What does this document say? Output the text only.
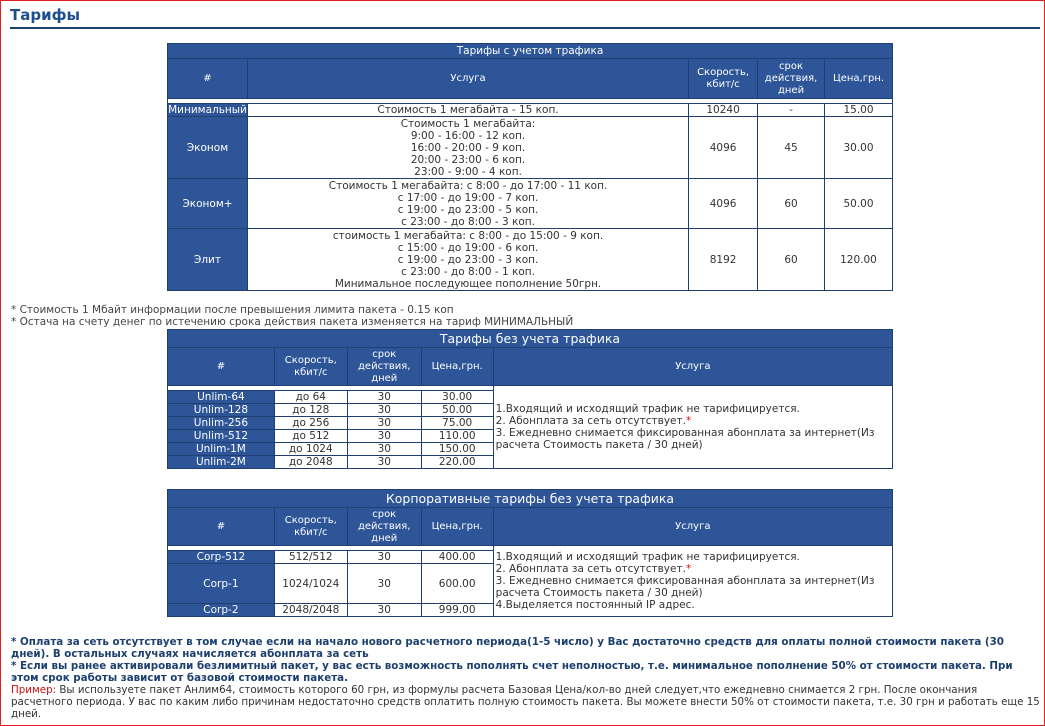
Тарифы
Тарифы с учетом трафика				
#	Услуга	Скорость, кбит/с	срок действия, дней	Цена,грн.

Минимальный	Стоимость 1 мегабайта - 15 коп.	10240	-	15.00
Эконом	Стоимость 1 мегабайта:
9:00 - 16:00 - 12 коп.
16:00 - 20:00 - 9 коп.
20:00 - 23:00 - 6 коп.
23:00 - 9:00 - 4 коп.	4096	45	30.00
Эконом+	Стоимость 1 мегабайта: с 8:00 - до 17:00 - 11 коп.
с 17:00 - до 19:00 - 7 коп.
с 19:00 - до 23:00 - 5 коп.
с 23:00 - до 8:00 - 3 коп.	4096	60	50.00
Элит	стоимость 1 мегабайта: с 8:00 - до 15:00 - 9 коп.
с 15:00 - до 19:00 - 6 коп.
с 19:00 - до 23:00 - 3 коп.
с 23:00 - до 8:00 - 1 коп.
Минимальное последующее пополнение 50грн.	8192	60	120.00
* Стоимость 1 Мбайт информации после превышения лимита пакета - 0.15 коп
* Остача на счету денег по истечению срока действия пакета изменяется на тариф МИНИМАЛЬНЫЙ
Тарифы без учета трафика				
#	Скорость, кбит/с	срок действия, дней	Цена,грн.	Услуга

				1.Входящий и исходящий трафик не тарифицируется.
2. Абонплата за сеть отсутствует.*
3. Ежедневно снимается фиксированная абонплата за интернет(Из расчета Стоимость пакета / 30 дней)

Unlim-64	до 64	30	30.00	
Unlim-128	до 128	30	50.00	
Unlim-256	до 256	30	75.00	
Unlim-512	до 512	30	110.00	
Unlim-1M	до 1024	30	150.00	
Unlim-2M	до 2048	30	220.00	
Корпоративные тарифы без учета трафика				
#	Скорость, кбит/с	срок действия, дней	Цена,грн.	Услуга

				1.Входящий и исходящий трафик не тарифицируется.
2. Абонплата за сеть отсутствует.*
3. Ежедневно снимается фиксированная абонплата за интернет(Из расчета Стоимость пакета / 30 дней)
4.Выделяется постоянный IP адрес.

Corp-512	512/512	30	400.00	
Corp-1	1024/1024	30	600.00	
Corp-2	2048/2048	30	999.00	
* Оплата за сеть отсутствует в том случае если на начало нового расчетного периода(1-5 число) у Вас достаточно средств для оплаты полной стоимости пакета (30 дней). В остальных случаях начисляется абонплата за сеть
* Если вы ранее активировали безлимитный пакет, у вас есть возможность пополнять счет неполностью, т.е. минимальное пополнение 50% от стоимости пакета. При этом срок работы зависит от базовой стоимости пакета.
Пример: Вы используете пакет Анлим64, стоимость которого 60 грн, из формулы расчета Базовая Цена/кол-во дней следует,что ежедневно снимается 2 грн. После окончания расчетного периода. У вас по каким либо причинам недостаточно средств оплатить полную стоимость пакета. Вы можете внести 50% от стоимости пакета, т.е. 30 грн и работать еще 15 дней.
